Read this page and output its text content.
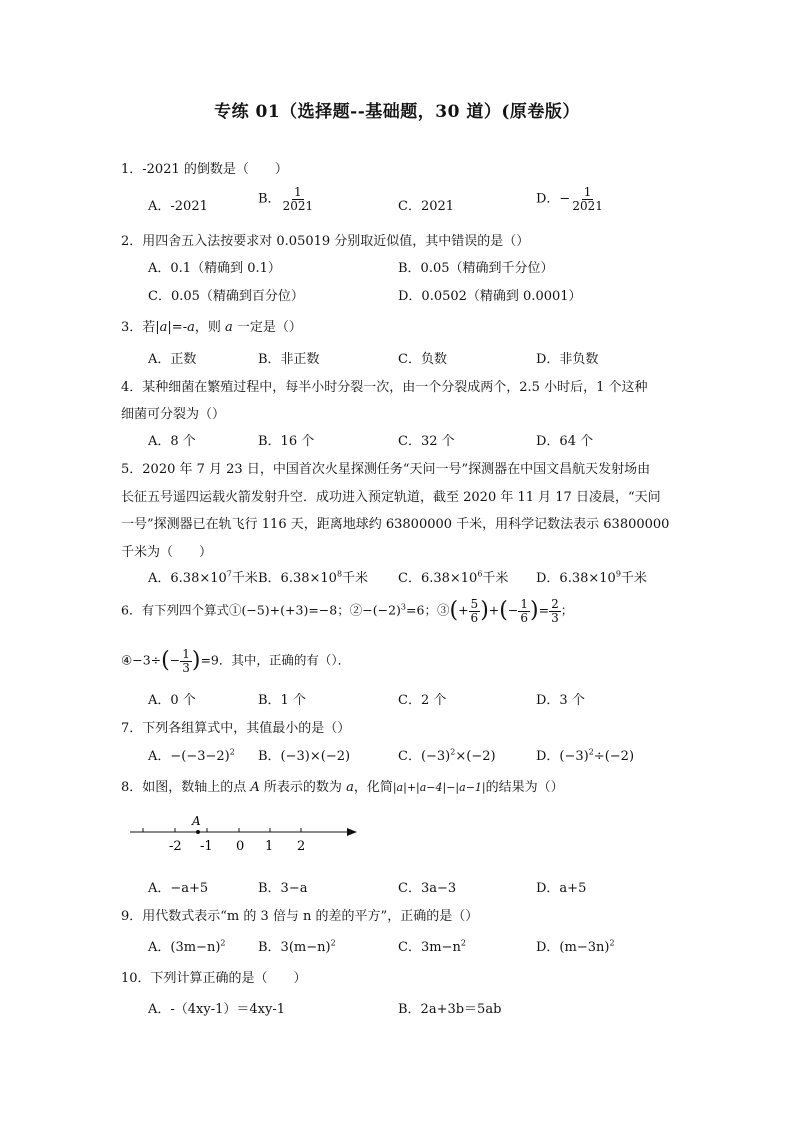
专练 01（选择题--基础题，30 道）(原卷版）
1．-2021 的倒数是（　　）
A．-2021	B． $\frac{1}{2021}$	C．2021	D．− $\frac{1}{2021}$
2．用四舍五入法按要求对 0.05019 分别取近似值，其中错误的是（）
A．0.1（精确到 0.1）	B．0.05（精确到千分位）
C．0.05（精确到百分位）	D．0.0502（精确到 0.0001）
3．若|a|=-a，则 a 一定是（）
A．正数	B．非正数	C．负数	D．非负数
4．某种细菌在繁殖过程中，每半小时分裂一次，由一个分裂成两个，2.5 小时后，1 个这种
细菌可分裂为（）
A．8 个	B．16 个	C．32 个	D．64 个
5．2020 年 7 月 23 日，中国首次火星探测任务“天问一号”探测器在中国文昌航天发射场由
长征五号遥四运载火箭发射升空．成功进入预定轨道，截至 2020 年 11 月 17 日凌晨，“天问
一号”探测器已在轨飞行 116 天，距离地球约 63800000 千米，用科学记数法表示 63800000
千米为（　　）
A．$6.38\times 10^7$千米 B．$6.38\times 10^8$千米 C．$6.38\times 10^6$千米 D．$6.38\times 10^9$千米
6．有下列四个算式①(−5)+(+3)=−8；$②-(-2)^3=6$；③(+ $\frac{5}{6}$ )+(− $\frac{1}{6}$ )= $\frac{2}{3}$ ；
④−3÷(− $\frac{1}{3} )=9$．其中，正确的有（）．
A．0 个	B．1 个	C．2 个	D．3 个
7．下列各组算式中，其值最小的是（）
A．$-(-3-2)^2$ B．(−3)×(−2)	C．$(-3)^2\times(-2)$	D．$(-3)^2\div(-2)$
8．如图，数轴上的点 A 所表示的数为 a，化简|a|+|a−4|−|a−1|的结果为（）
A
-2 -1 0 1 2
A．−a+5	B．3−a	C．3a−3	D．a+5
9．用代数式表示“m 的 3 倍与 n 的差的平方”，正确的是（）
A．$(3m-n)^2$	B．$3(m-n)^2$	C．$3m-n^2$	D．$(m-3n)^2$
10．下列计算正确的是（　　）
A．-（4xy-1）＝4xy-1	B．2a+3b＝5ab
